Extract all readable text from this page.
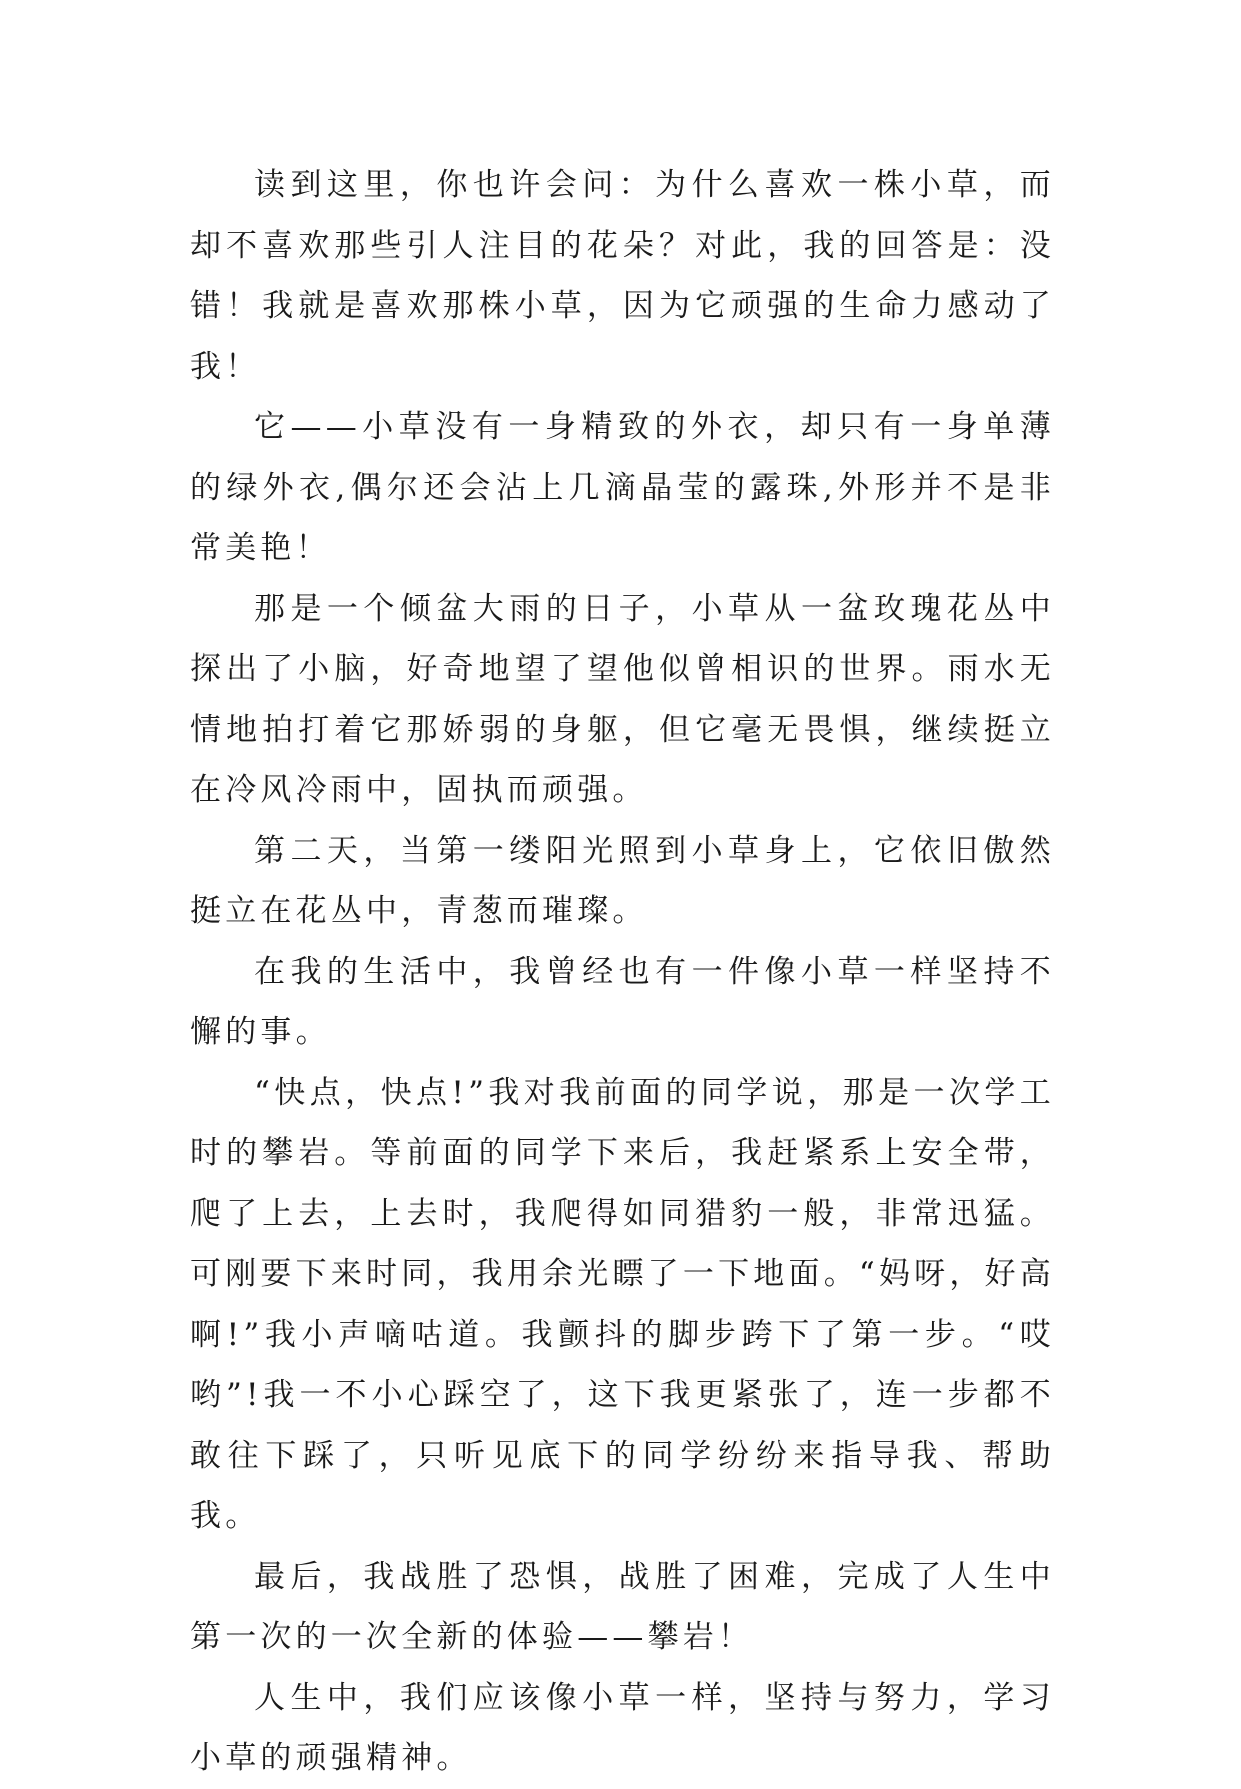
读到这里，你也许会问：为什么喜欢一株小草，而却不喜欢那些引人注目的花朵？对此，我的回答是：没错！我就是喜欢那株小草，因为它顽强的生命力感动了我！

它——小草没有一身精致的外衣，却只有一身单薄的绿外衣,偶尔还会沾上几滴晶莹的露珠,外形并不是非常美艳！

那是一个倾盆大雨的日子，小草从一盆玫瑰花丛中探出了小脑，好奇地望了望他似曾相识的世界。雨水无情地拍打着它那娇弱的身躯，但它毫无畏惧，继续挺立在冷风冷雨中，固执而顽强。

第二天，当第一缕阳光照到小草身上，它依旧傲然挺立在花丛中，青葱而璀璨。

在我的生活中，我曾经也有一件像小草一样坚持不懈的事。

“快点，快点!”我对我前面的同学说，那是一次学工时的攀岩。等前面的同学下来后，我赶紧系上安全带，爬了上去，上去时，我爬得如同猎豹一般，非常迅猛。可刚要下来时同，我用余光瞟了一下地面。“妈呀，好高啊!”我小声嘀咕道。我颤抖的脚步跨下了第一步。“哎哟”!我一不小心踩空了，这下我更紧张了，连一步都不敢往下踩了，只听见底下的同学纷纷来指导我、帮助我。

最后，我战胜了恐惧，战胜了困难，完成了人生中第一次的一次全新的体验——攀岩！

人生中，我们应该像小草一样，坚持与努力，学习小草的顽强精神。
